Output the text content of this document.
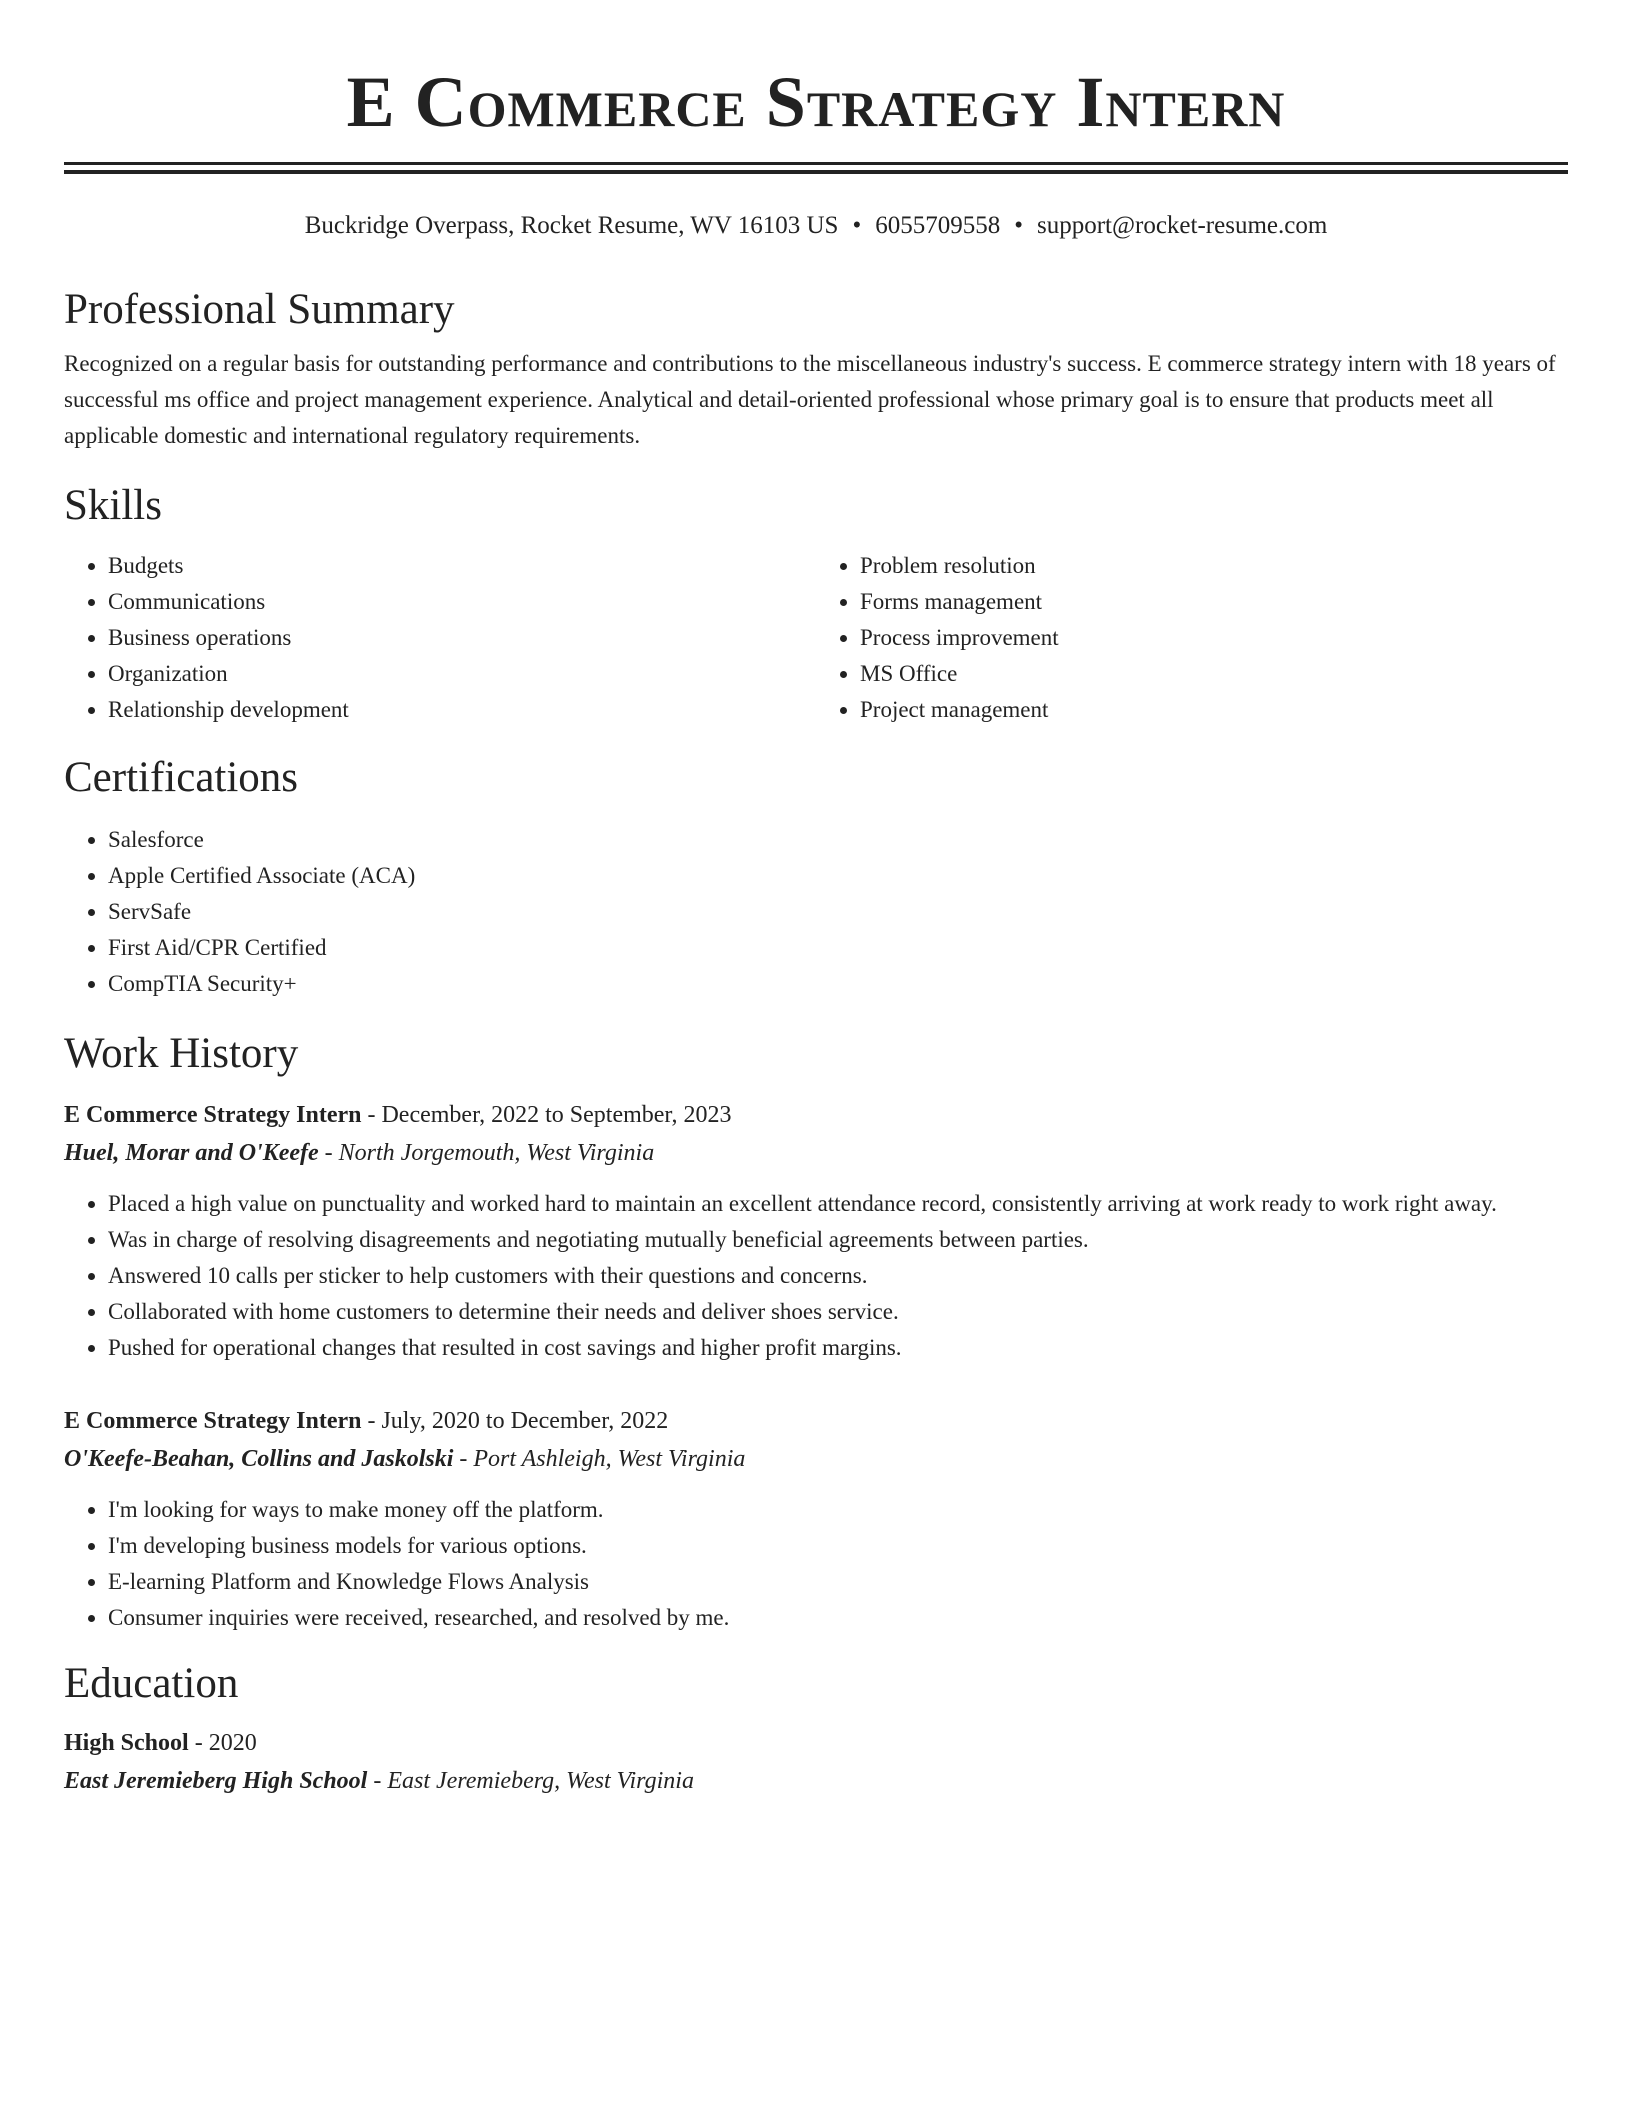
E Commerce Strategy Intern
Buckridge Overpass, Rocket Resume, WV 16103 US • 6055709558 • support@rocket-resume.com
Professional Summary

Recognized on a regular basis for outstanding performance and contributions to the miscellaneous industry's success. E commerce strategy intern with 18 years of successful ms office and project management experience. Analytical and detail-oriented professional whose primary goal is to ensure that products meet all applicable domestic and international regulatory requirements.

Skills
• Budgets
• Communications
• Business operations
• Organization
• Relationship development
• Problem resolution
• Forms management
• Process improvement
• MS Office
• Project management
Certifications
• Salesforce
• Apple Certified Associate (ACA)
• ServSafe
• First Aid/CPR Certified
• CompTIA Security+
Work History
E Commerce Strategy Intern - December, 2022 to September, 2023
Huel, Morar and O'Keefe - North Jorgemouth, West Virginia
• Placed a high value on punctuality and worked hard to maintain an excellent attendance record, consistently arriving at work ready to work right away.
• Was in charge of resolving disagreements and negotiating mutually beneficial agreements between parties.
• Answered 10 calls per sticker to help customers with their questions and concerns.
• Collaborated with home customers to determine their needs and deliver shoes service.
• Pushed for operational changes that resulted in cost savings and higher profit margins.
E Commerce Strategy Intern - July, 2020 to December, 2022
O'Keefe-Beahan, Collins and Jaskolski - Port Ashleigh, West Virginia
• I'm looking for ways to make money off the platform.
• I'm developing business models for various options.
• E-learning Platform and Knowledge Flows Analysis
• Consumer inquiries were received, researched, and resolved by me.
Education
High School - 2020
East Jeremieberg High School - East Jeremieberg, West Virginia
